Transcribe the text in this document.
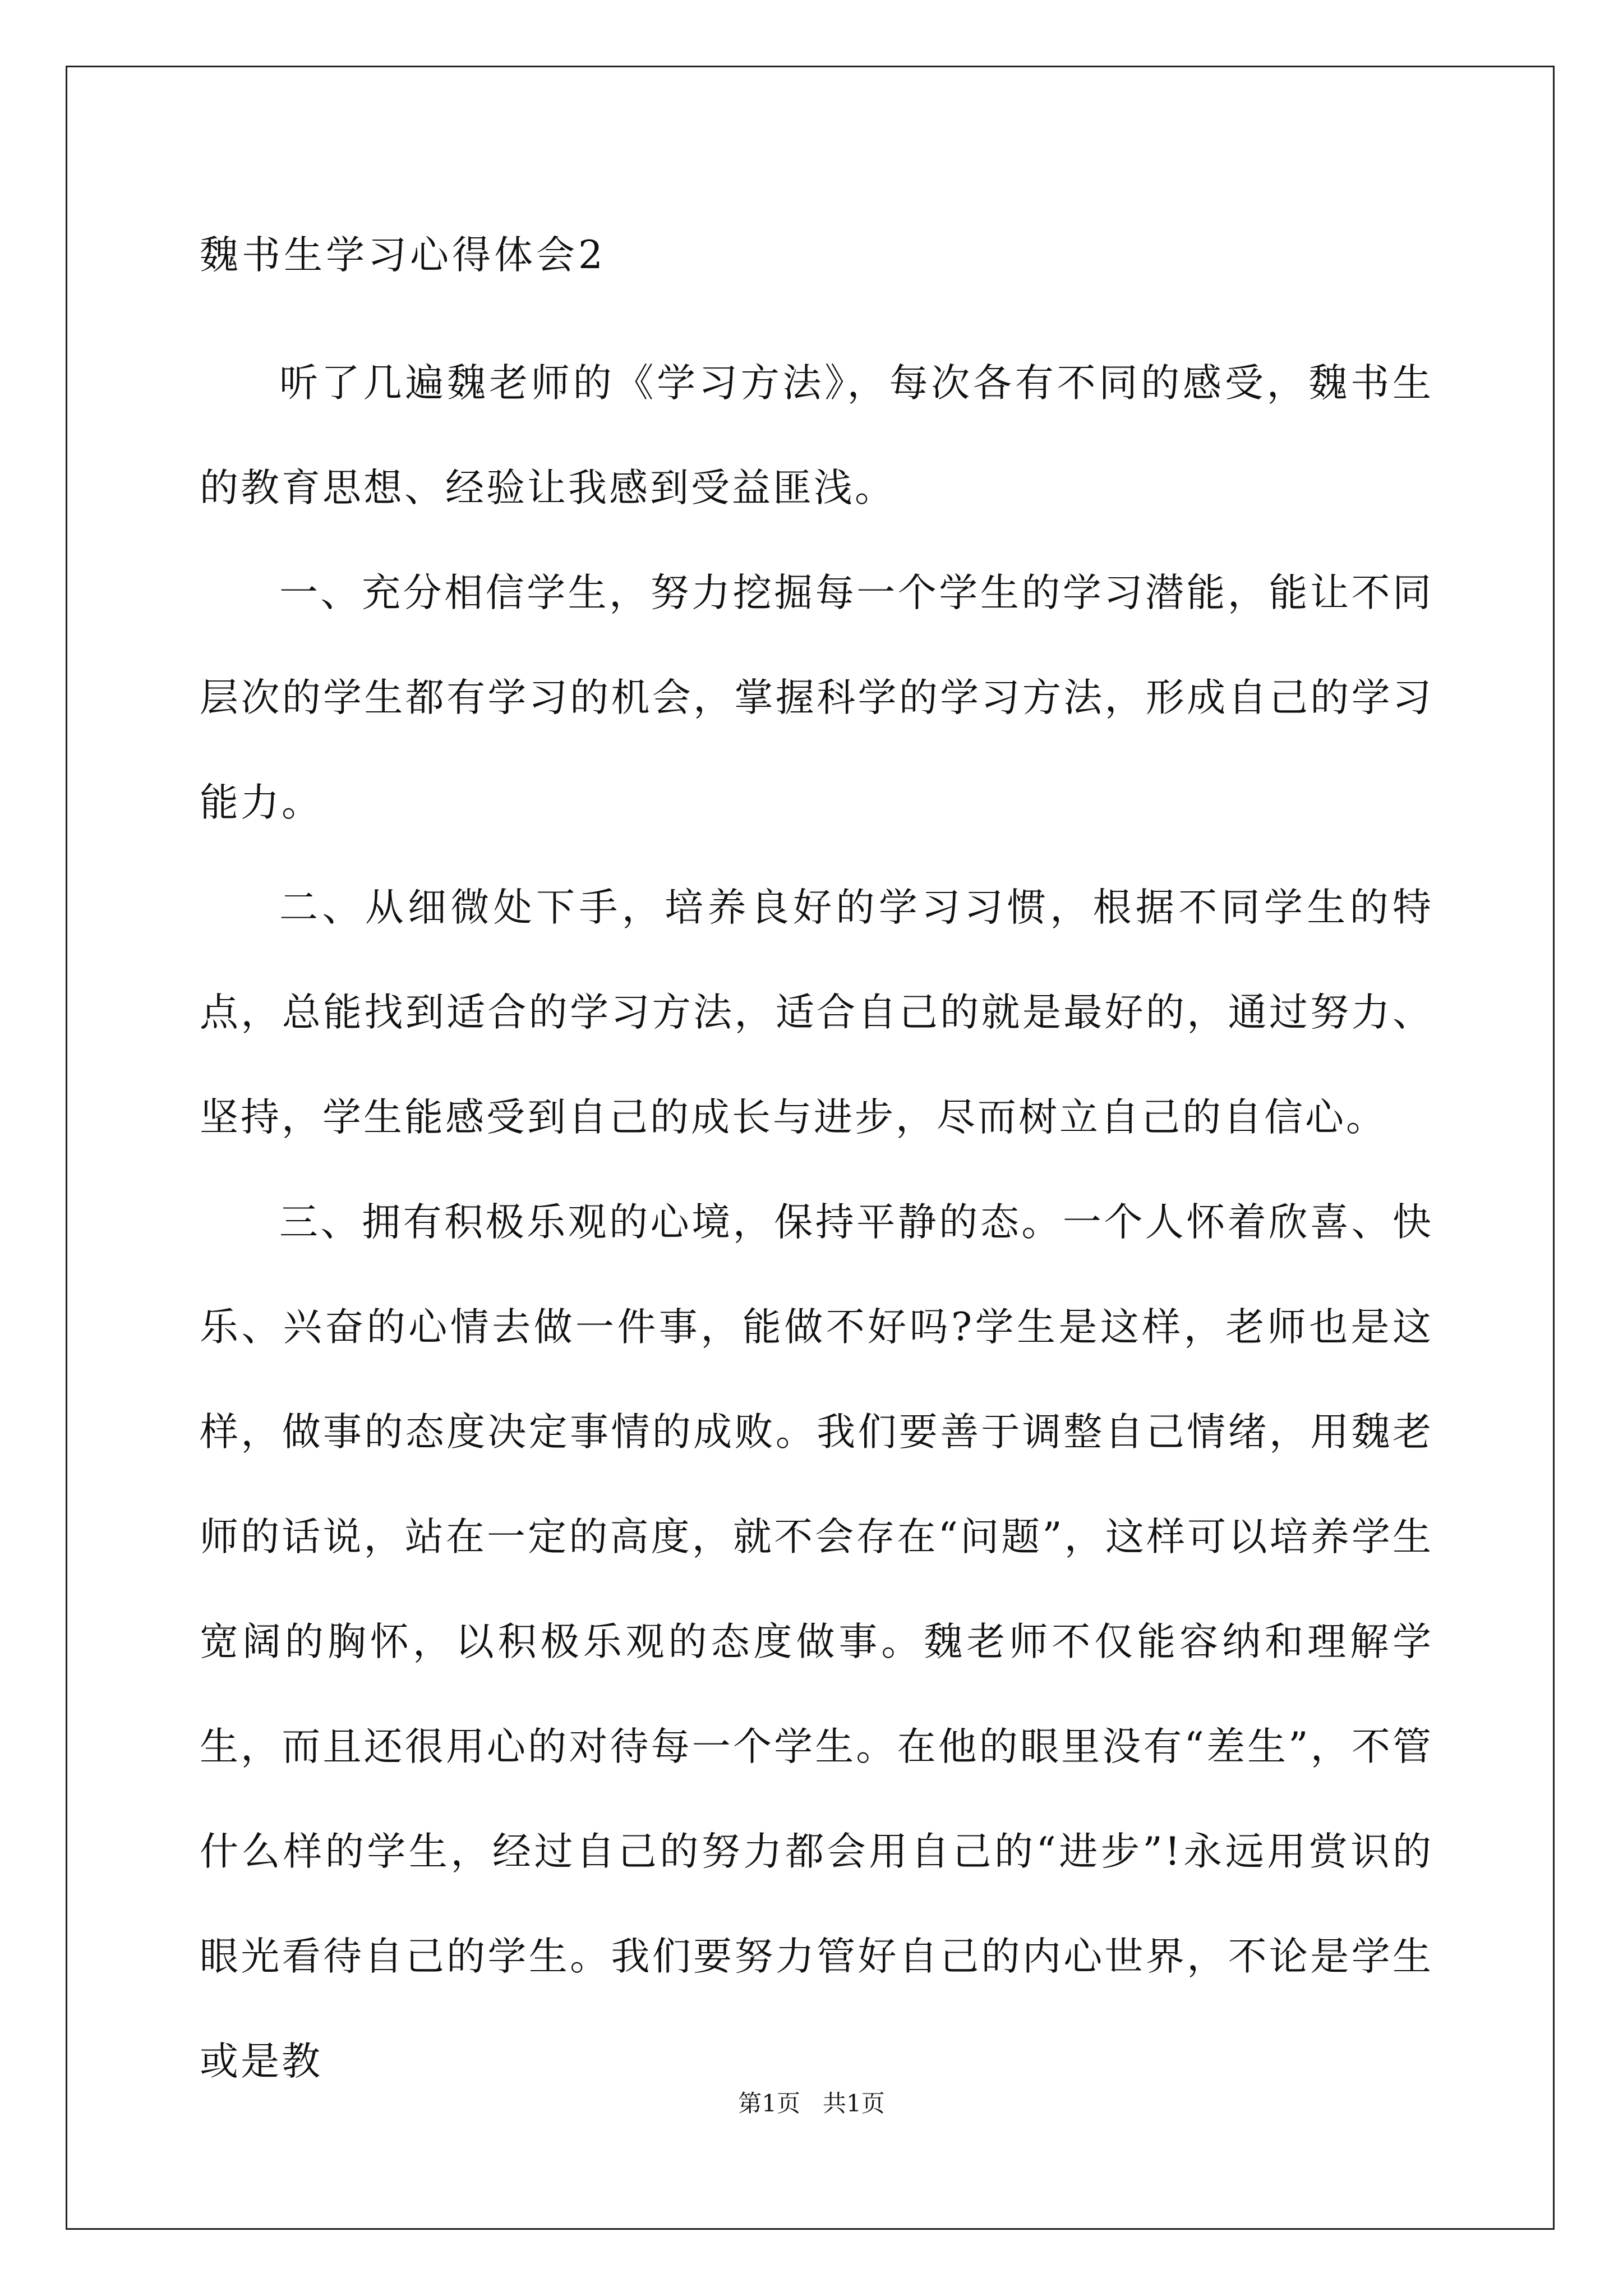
魏书生学习心得体会2

听了几遍魏老师的《学习方法》，每次各有不同的感受，魏书生的教育思想、经验让我感到受益匪浅。

一、充分相信学生，努力挖掘每一个学生的学习潜能，能让不同层次的学生都有学习的机会，掌握科学的学习方法，形成自己的学习能力。

二、从细微处下手，培养良好的学习习惯，根据不同学生的特点，总能找到适合的学习方法，适合自己的就是最好的，通过努力、坚持，学生能感受到自己的成长与进步，尽而树立自己的自信心。

三、拥有积极乐观的心境，保持平静的态。一个人怀着欣喜、快乐、兴奋的心情去做一件事，能做不好吗?学生是这样，老师也是这样，做事的态度决定事情的成败。我们要善于调整自己情绪，用魏老师的话说，站在一定的高度，就不会存在“问题”，这样可以培养学生宽阔的胸怀，以积极乐观的态度做事。魏老师不仅能容纳和理解学生，而且还很用心的对待每一个学生。在他的眼里没有“差生”，不管什么样的学生，经过自己的努力都会用自己的“进步”!永远用赏识的眼光看待自己的学生。我们要努力管好自己的内心世界，不论是学生或是教

第1页   共1页
